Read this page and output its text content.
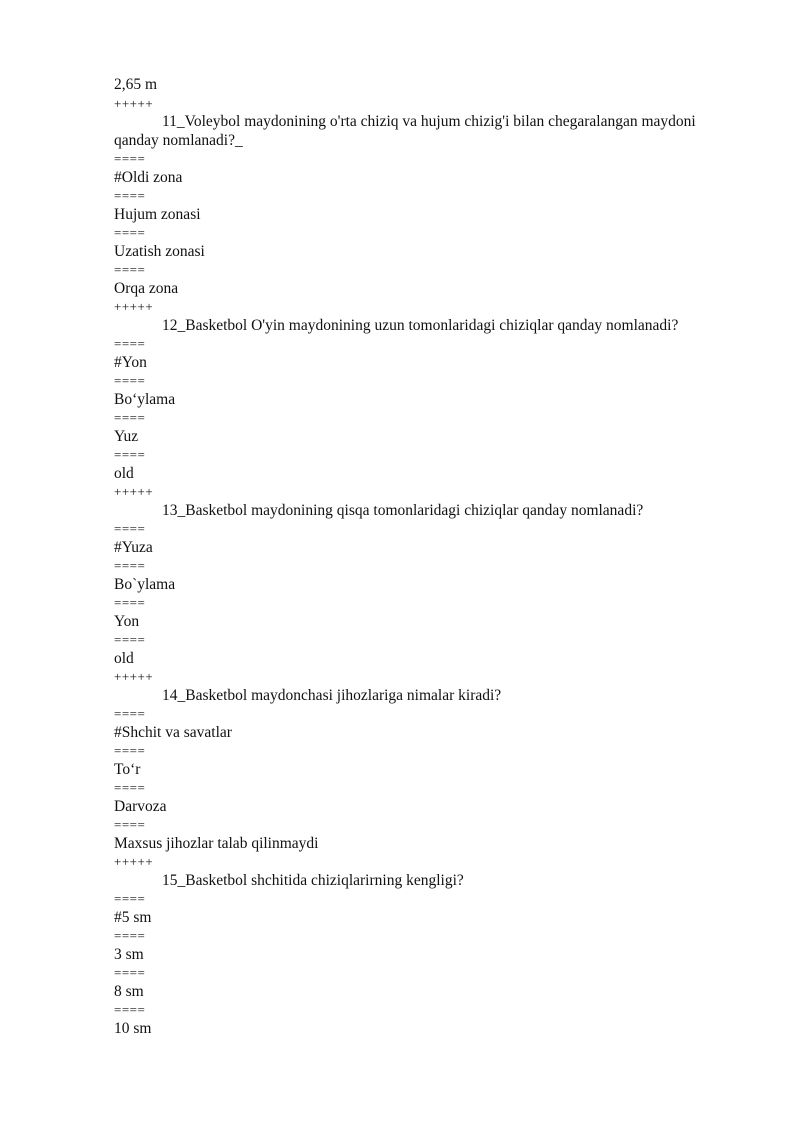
2,65 m
+++++
11_Voleybol maydonining o'rta chiziq va hujum chizig'i bilan chegaralangan maydoni qanday nomlanadi?_
====
#Oldi zona
====
Hujum zonasi
====
Uzatish zonasi
====
Orqa zona
+++++
12_Basketbol O'yin maydonining uzun tomonlaridagi chiziqlar qanday nomlanadi?
====
#Yon
====
Bo‘ylama
====
Yuz
====
old
+++++
13_Basketbol maydonining qisqa tomonlaridagi chiziqlar qanday nomlanadi?
====
#Yuza
====
Bo`ylama
====
Yon
====
old
+++++
14_Basketbol maydonchasi jihozlariga nimalar kiradi?
====
#Shchit va savatlar
====
To‘r
====
Darvoza
====
Maxsus jihozlar talab qilinmaydi
+++++
15_Basketbol shchitida chiziqlarirning kengligi?
====
#5 sm
====
3 sm
====
8 sm
====
10 sm
